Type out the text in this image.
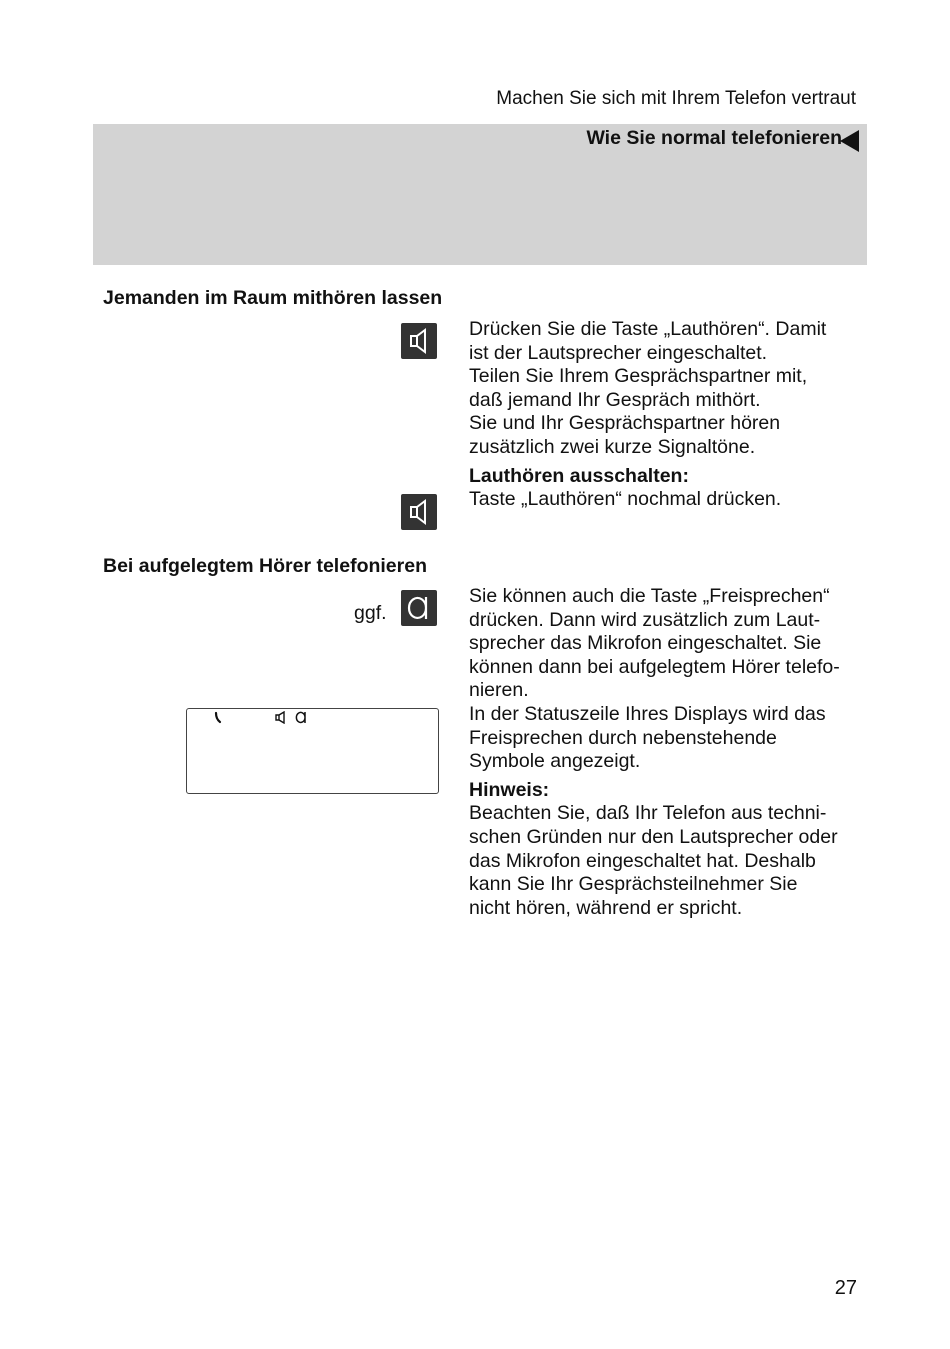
Machen Sie sich mit Ihrem Telefon vertraut
Wie Sie normal telefonieren
Jemanden im Raum mithören lassen
Drücken Sie die Taste „Lauthören“. Damit
ist der Lautsprecher eingeschaltet.
Teilen Sie Ihrem Gesprächspartner mit,
daß jemand Ihr Gespräch mithört.
Sie und Ihr Gesprächspartner hören
zusätzlich zwei kurze Signaltöne.
Lauthören ausschalten:
Taste „Lauthören“ nochmal drücken.
Bei aufgelegtem Hörer telefonieren
ggf.
Sie können auch die Taste „Freisprechen“
drücken. Dann wird zusätzlich zum Laut-
sprecher das Mikrofon eingeschaltet. Sie
können dann bei aufgelegtem Hörer telefo-
nieren.
In der Statuszeile Ihres Displays wird das
Freisprechen durch nebenstehende
Symbole angezeigt.
Hinweis:
Beachten Sie, daß Ihr Telefon aus techni-
schen Gründen nur den Lautsprecher oder
das Mikrofon eingeschaltet hat. Deshalb
kann Sie Ihr Gesprächsteilnehmer Sie
nicht hören, während er spricht.
27
